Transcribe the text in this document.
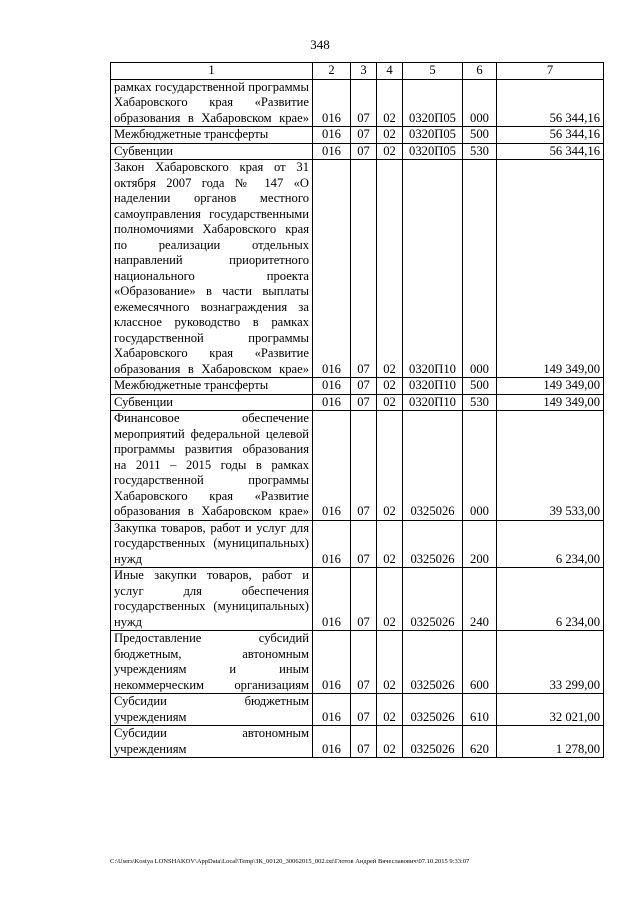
348
1	2	3	4	5	6	7
рамках государственной программы Хабаровского края «Развитие образования в Хабаровском крае»	016	07	02	0320П05	000	56 344,16
Межбюджетные трансферты	016	07	02	0320П05	500	56 344,16
Субвенции	016	07	02	0320П05	530	56 344,16
Закон Хабаровского края от 31 октября 2007 года № 147 «О наделении органов местного самоуправления государственными полномочиями Хабаровского края по реализации отдельных направлений приоритетного национального проекта «Образование» в части выплаты ежемесячного вознаграждения за классное руководство в рамках государственной программы Хабаровского края «Развитие образования в Хабаровском крае»	016	07	02	0320П10	000	149 349,00
Межбюджетные трансферты	016	07	02	0320П10	500	149 349,00
Субвенции	016	07	02	0320П10	530	149 349,00
Финансовое обеспечение мероприятий федеральной целевой программы развития образования на 2011 – 2015 годы в рамках государственной программы Хабаровского края «Развитие образования в Хабаровском крае»	016	07	02	0325026	000	39 533,00
Закупка товаров, работ и услуг для государственных (муниципальных) нужд	016	07	02	0325026	200	6 234,00
Иные закупки товаров, работ и услуг для обеспечения государственных (муниципальных) нужд	016	07	02	0325026	240	6 234,00
Предоставление субсидий бюджетным, автономным учреждениям и иным некоммерческим организациям	016	07	02	0325026	600	33 299,00
Субсидии бюджетным учреждениям	016	07	02	0325026	610	32 021,00
Субсидии автономным учреждениям	016	07	02	0325026	620	1 278,00
C:\Users\Kostya LONSHAKOV\AppData\Local\Temp\ЗК_00120_30062015_002.txt\Глотов Андрей Вячеславович\07.10.2015 9:33:07
